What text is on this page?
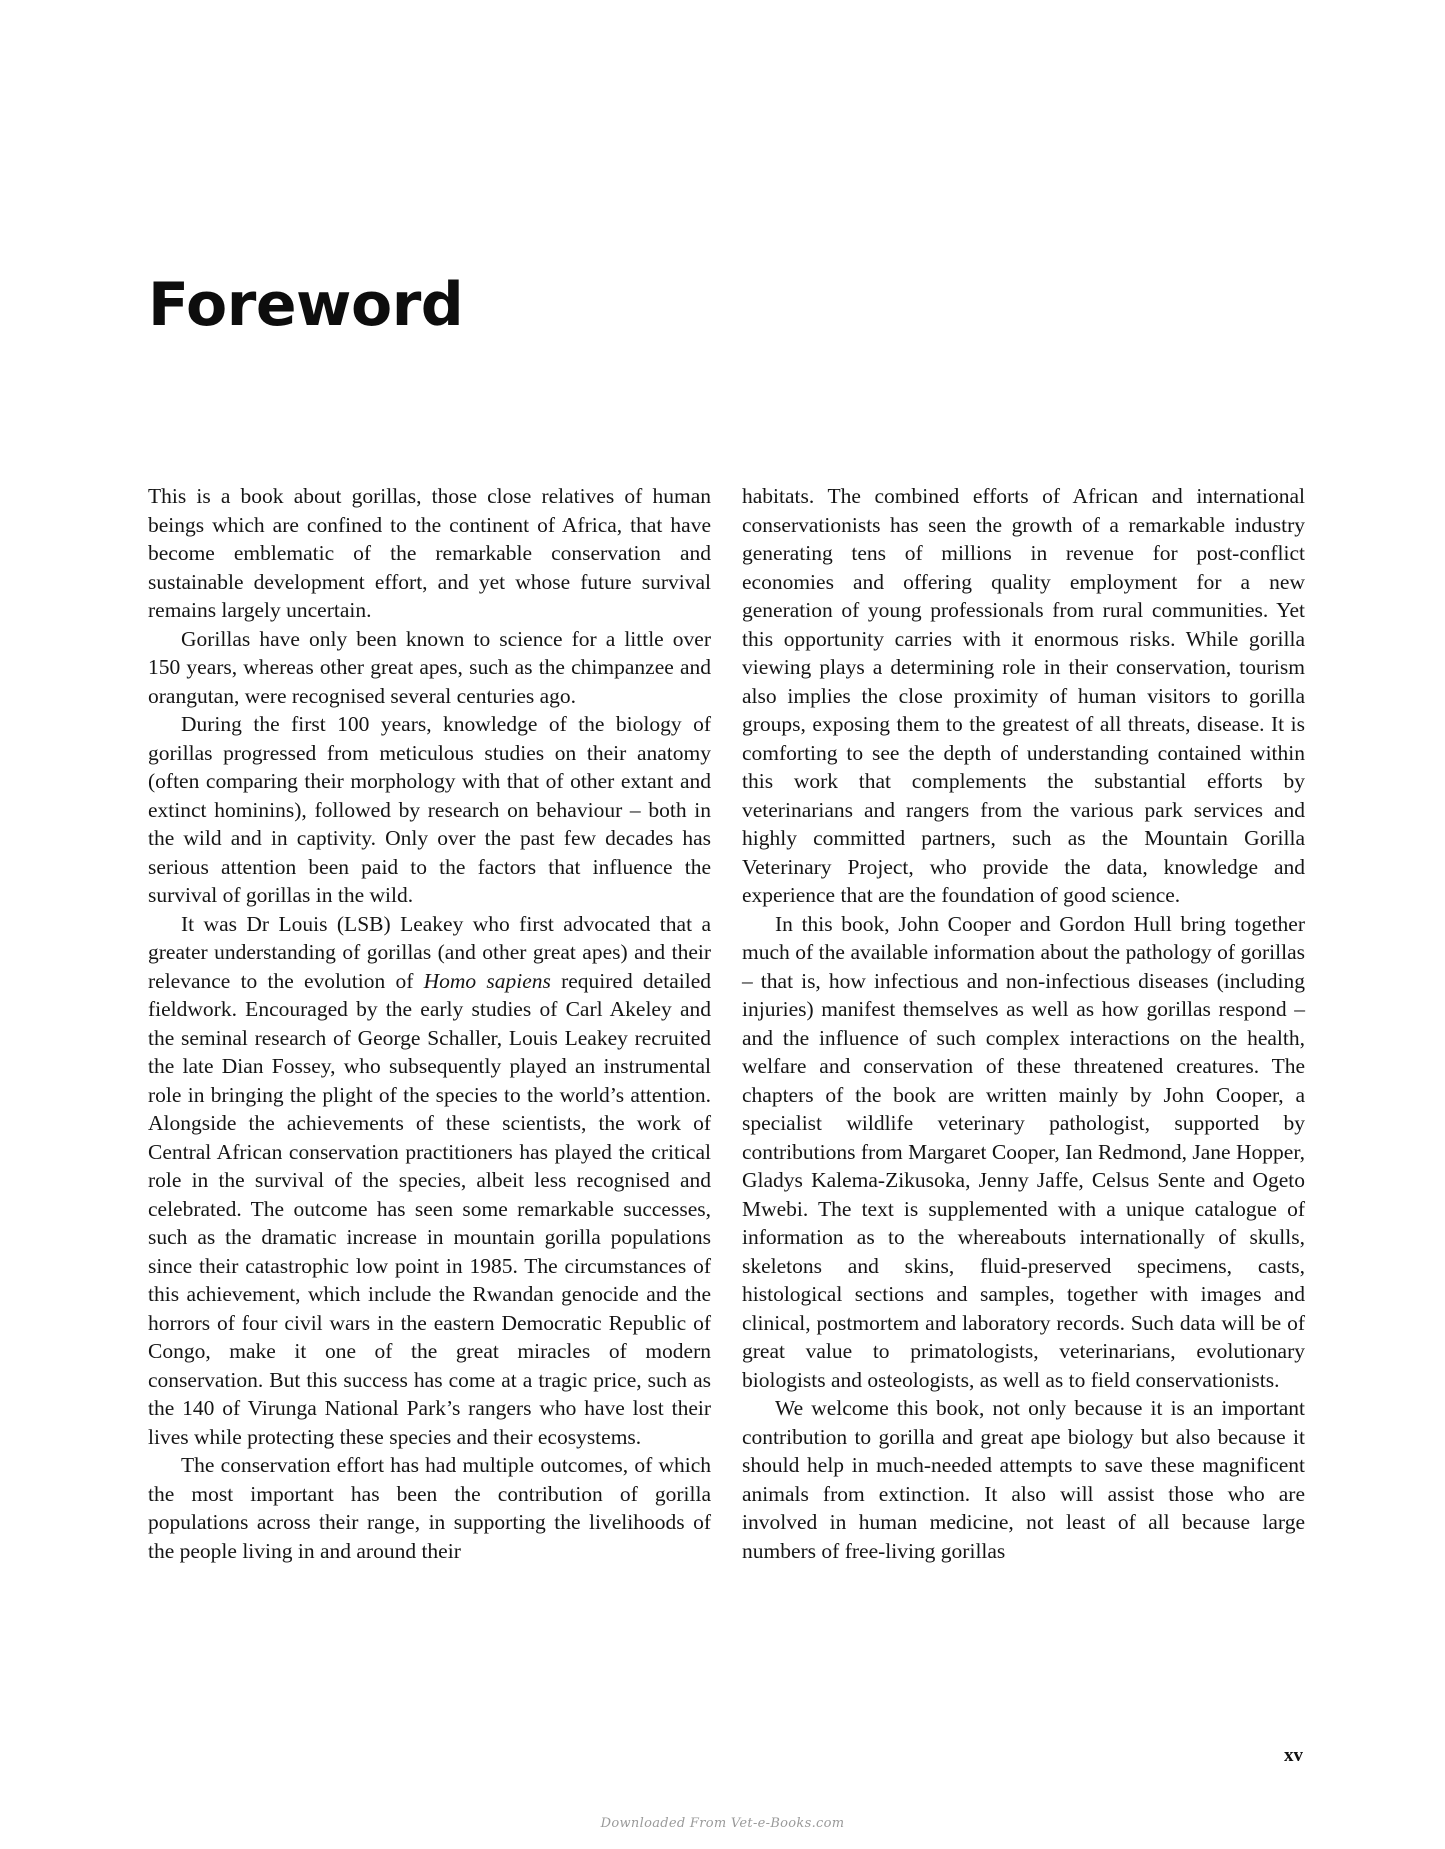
Foreword

This is a book about gorillas, those close relatives of human beings which are confined to the continent of Africa, that have become emblematic of the remarkable conservation and sustainable development effort, and yet whose future survival remains largely uncertain.

Gorillas have only been known to science for a little over 150 years, whereas other great apes, such as the chimpanzee and orangutan, were recognised several centuries ago.

During the first 100 years, knowledge of the biology of gorillas progressed from meticulous studies on their anatomy (often comparing their morphology with that of other extant and extinct hominins), followed by research on behaviour – both in the wild and in captivity. Only over the past few decades has serious attention been paid to the factors that influence the survival of gorillas in the wild.

It was Dr Louis (LSB) Leakey who first advocated that a greater understanding of gorillas (and other great apes) and their relevance to the evolution of Homo sapiens required detailed fieldwork. Encouraged by the early studies of Carl Akeley and the seminal research of George Schaller, Louis Leakey recruited the late Dian Fossey, who subsequently played an instrumental role in bringing the plight of the species to the world’s attention. Alongside the achievements of these scientists, the work of Central African conservation practitioners has played the critical role in the survival of the species, albeit less recognised and celebrated. The outcome has seen some remarkable successes, such as the dramatic increase in mountain gorilla populations since their catastrophic low point in 1985. The circumstances of this achievement, which include the Rwandan genocide and the horrors of four civil wars in the eastern Democratic Republic of Congo, make it one of the great miracles of modern conservation. But this success has come at a tragic price, such as the 140 of Virunga National Park’s rangers who have lost their lives while protecting these species and their ecosystems.

The conservation effort has had multiple outcomes, of which the most important has been the contribution of gorilla populations across their range, in supporting the livelihoods of the people living in and around their

habitats. The combined efforts of African and international conservationists has seen the growth of a remarkable industry generating tens of millions in revenue for post-conflict economies and offering quality employment for a new generation of young professionals from rural communities. Yet this opportunity carries with it enormous risks. While gorilla viewing plays a determining role in their conservation, tourism also implies the close proximity of human visitors to gorilla groups, exposing them to the greatest of all threats, disease. It is comforting to see the depth of understanding contained within this work that complements the substantial efforts by veterinarians and rangers from the various park services and highly committed partners, such as the Mountain Gorilla Veterinary Project, who provide the data, knowledge and experience that are the foundation of good science.

In this book, John Cooper and Gordon Hull bring together much of the available information about the pathology of gorillas – that is, how infectious and non-infectious diseases (including injuries) manifest themselves as well as how gorillas respond – and the influence of such complex interactions on the health, welfare and conservation of these threatened creatures. The chapters of the book are written mainly by John Cooper, a specialist wildlife veterinary pathologist, supported by contributions from Margaret Cooper, Ian Redmond, Jane Hopper, Gladys Kalema-Zikusoka, Jenny Jaffe, Celsus Sente and Ogeto Mwebi. The text is supplemented with a unique catalogue of information as to the whereabouts internationally of skulls, skeletons and skins, fluid-preserved specimens, casts, histological sections and samples, together with images and clinical, postmortem and laboratory records. Such data will be of great value to primatologists, veterinarians, evolutionary biologists and osteologists, as well as to field conservationists.

We welcome this book, not only because it is an important contribution to gorilla and great ape biology but also because it should help in much-needed attempts to save these magnificent animals from extinction. It also will assist those who are involved in human medicine, not least of all because large numbers of free-living gorillas

xv
Downloaded From Vet-e-Books.com
